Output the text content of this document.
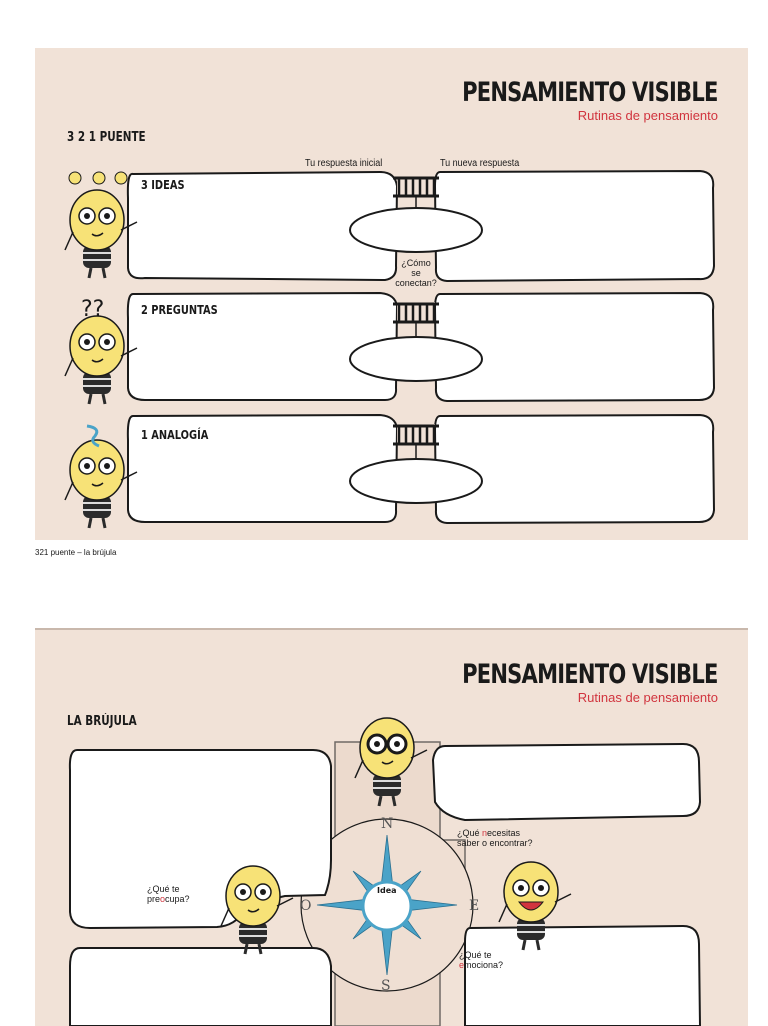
PENSAMIENTO VISIBLE
Rutinas de pensamiento
3 2 1 PUENTE
Tu respuesta inicial	Tu nueva respuesta
??
3 IDEAS
2 PREGUNTAS
1 ANALOGÍA
¿Cómo
se
conectan?
321 puente – la brújula
PENSAMIENTO VISIBLE
Rutinas de pensamiento
LA BRÚJULA
N
S
E
O
Idea
¿Qué necesitas
saber o encontrar?
¿Qué te
preocupa?
¿Qué te
emociona?
